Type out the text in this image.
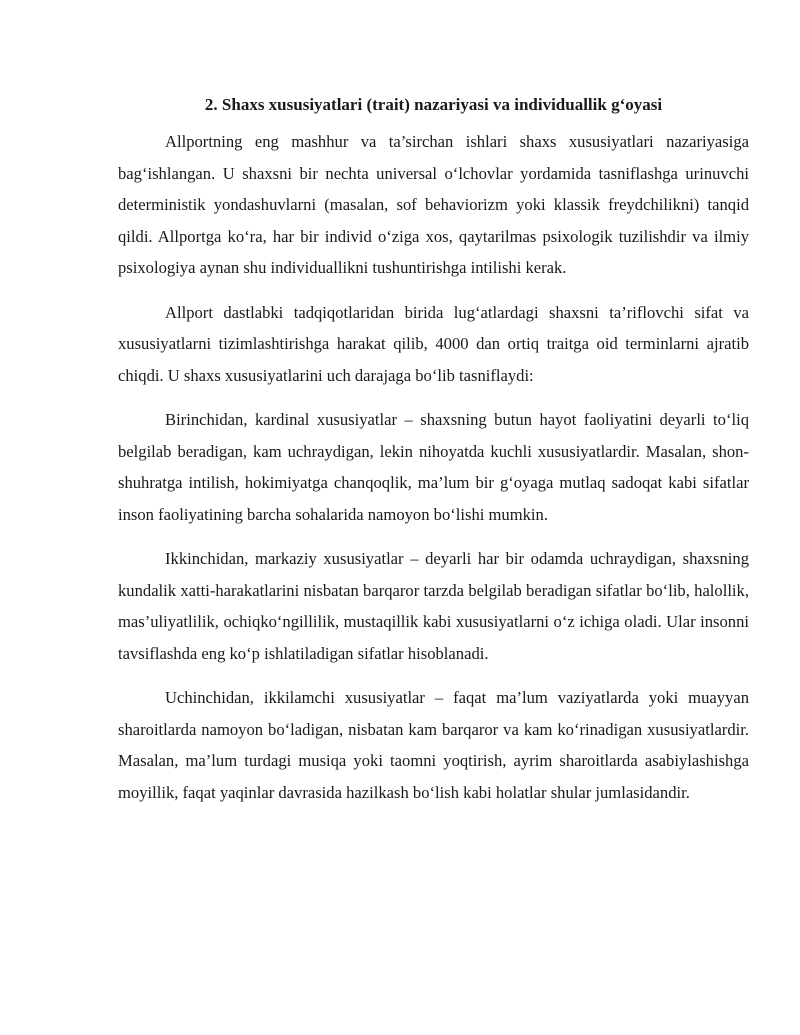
2. Shaxs xususiyatlari (trait) nazariyasi va individuallik g‘oyasi

Allportning eng mashhur va ta’sirchan ishlari shaxs xususiyatlari nazariyasiga bag‘ishlangan. U shaxsni bir nechta universal o‘lchovlar yordamida tasniflashga urinuvchi deterministik yondashuvlarni (masalan, sof behaviorizm yoki klassik freydchilikni) tanqid qildi. Allportga ko‘ra, har bir individ o‘ziga xos, qaytarilmas psixologik tuzilishdir va ilmiy psixologiya aynan shu individuallikni tushuntirishga intilishi kerak.

Allport dastlabki tadqiqotlaridan birida lug‘atlardagi shaxsni ta’riflovchi sifat va xususiyatlarni tizimlashtirishga harakat qilib, 4000 dan ortiq traitga oid terminlarni ajratib chiqdi. U shaxs xususiyatlarini uch darajaga bo‘lib tasniflaydi:

Birinchidan, kardinal xususiyatlar – shaxsning butun hayot faoliyatini deyarli to‘liq belgilab beradigan, kam uchraydigan, lekin nihoyatda kuchli xususiyatlardir. Masalan, shon-shuhratga intilish, hokimiyatga chanqoqlik, ma’lum bir g‘oyaga mutlaq sadoqat kabi sifatlar inson faoliyatining barcha sohalarida namoyon bo‘lishi mumkin.

Ikkinchidan, markaziy xususiyatlar – deyarli har bir odamda uchraydigan, shaxsning kundalik xatti-harakatlarini nisbatan barqaror tarzda belgilab beradigan sifatlar bo‘lib, halollik, mas’uliyatlilik, ochiqko‘ngillilik, mustaqillik kabi xususiyatlarni o‘z ichiga oladi. Ular insonni tavsiflashda eng ko‘p ishlatiladigan sifatlar hisoblanadi.

Uchinchidan, ikkilamchi xususiyatlar – faqat ma’lum vaziyatlarda yoki muayyan sharoitlarda namoyon bo‘ladigan, nisbatan kam barqaror va kam ko‘rinadigan xususiyatlardir. Masalan, ma’lum turdagi musiqa yoki taomni yoqtirish, ayrim sharoitlarda asabiylashishga moyillik, faqat yaqinlar davrasida hazilkash bo‘lish kabi holatlar shular jumlasidandir.
